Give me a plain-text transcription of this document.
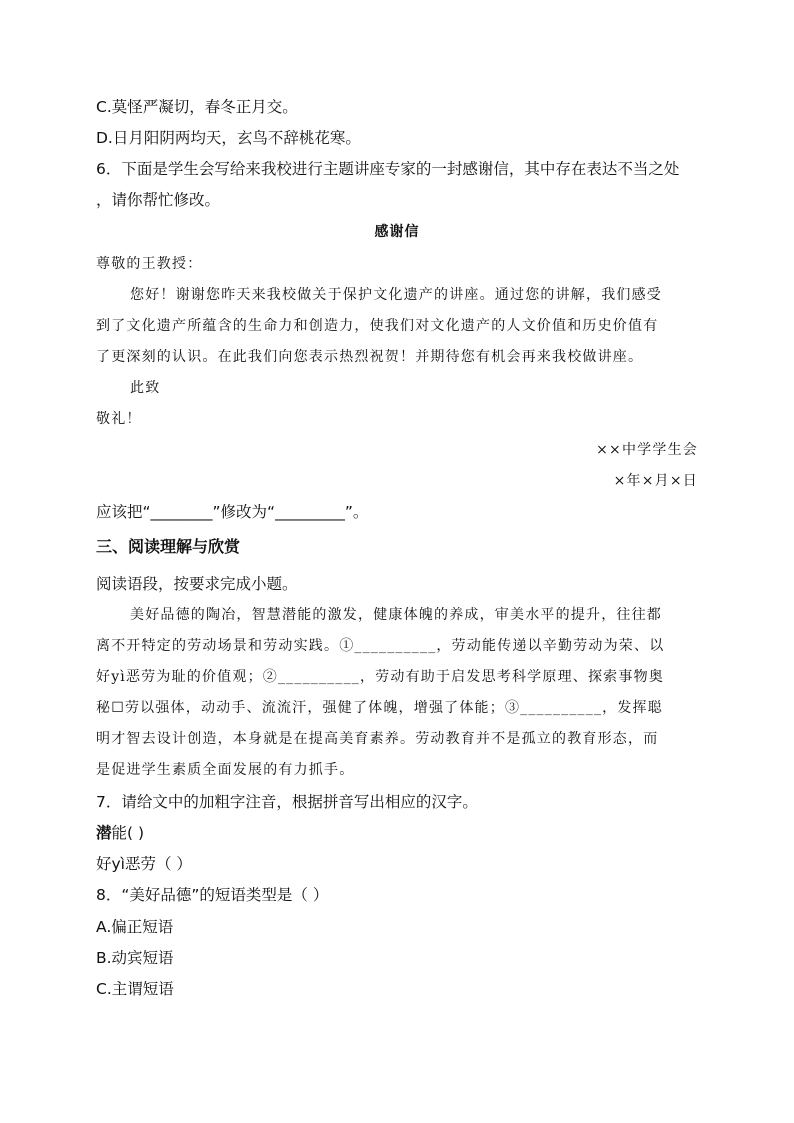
C.莫怪严凝切，春冬正月交。
D.日月阳阴两均天，玄鸟不辞桃花寒。
6．下面是学生会写给来我校进行主题讲座专家的一封感谢信，其中存在表达不当之处
，请你帮忙修改。
感谢信
尊敬的王教授：
您好！谢谢您昨天来我校做关于保护文化遗产的讲座。通过您的讲解，我们感受
到了文化遗产所蕴含的生命力和创造力，使我们对文化遗产的人文价值和历史价值有
了更深刻的认识。在此我们向您表示热烈祝贺！并期待您有机会再来我校做讲座。
此致
敬礼！
××中学学生会
×年×月×日
应该把“________”修改为“_________”。
三、阅读理解与欣赏
阅读语段，按要求完成小题。
美好品德的陶冶，智慧潜能的激发，健康体魄的养成，审美水平的提升，往往都
离不开特定的劳动场景和劳动实践。①__________，劳动能传递以辛勤劳动为荣、以
好yì恶劳为耻的价值观；②__________，劳动有助于启发思考科学原理、探索事物奥
秘☐劳以强体，动动手、流流汗，强健了体魄，增强了体能；③__________，发挥聪
明才智去设计创造，本身就是在提高美育素养。劳动教育并不是孤立的教育形态，而
是促进学生素质全面发展的有力抓手。
7．请给文中的加粗字注音，根据拼音写出相应的汉字。
潜能( )
好yì恶劳（ ）
8．“美好品德”的短语类型是（ ）
A.偏正短语
B.动宾短语
C.主谓短语
